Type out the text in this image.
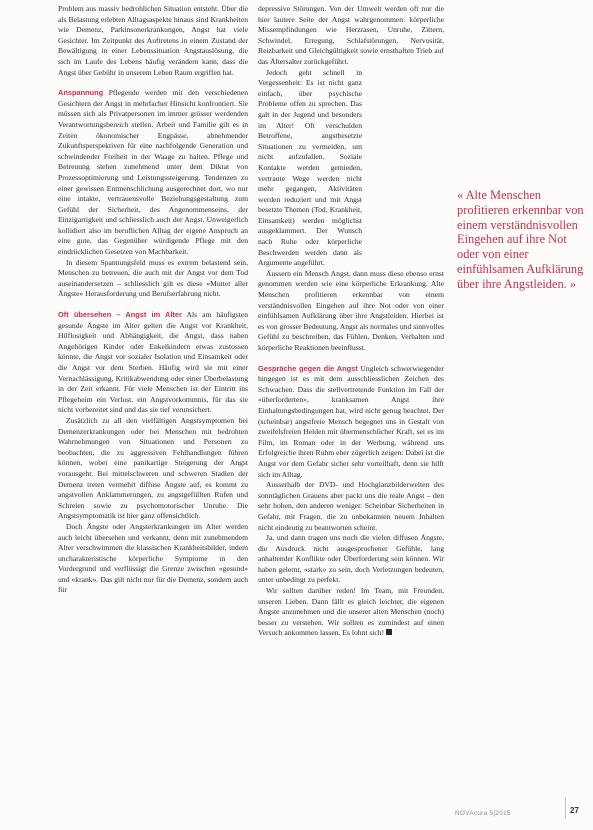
Problem aus massiv bedrohlichen Situation entsteht. Über die als Belastung erlebten Alltagsaspekte hinaus sind Krankheiten wie Demenz, Parkinsonerkrankungen, Angst hat viele Gesichter. Im Zeitpunkt des Auftretens in einem Zustand der Bewältigung in einer Lebenssituation Angstauslösung, die sich im Laufe des Lebens häufig verändern kann, dass die Angst über Gebühr in unserem Leben Raum ergriffen hat.

Anspannung Pflegende werden mit den verschiedenen Gesichtern der Angst in mehrfacher Hinsicht konfrontiert. Sie müssen sich als Privatpersonen im immer grösser werdenden Verantwortungsbereich stellen. Arbeit und Familie gilt es in Zeiten ökonomischer Engpässe, abnehmender Zukunftsperspektiven für eine nachfolgende Generation und schwindender Freiheit in der Waage zu halten. Pflege und Betreuung stehen zunehmend unter dem Diktat von Prozessoptimierung und Leistungssteigerung. Tendenzen zu einer gewissen Entmenschlichung ausgerechnet dort, wo nur eine intakte, vertrauensvolle Beziehungsgestaltung zum Gefühl der Sicherheit, des Angenommenseins, der Einzigartigkeit und schliesslich auch der Angst. Unweigerlich kollidiert also im beruflichen Alltag der eigene Anspruch an eine gute, das Gegenüber würdigende Pflege mit den eindrücklichen Gesetzen von Machbarkeit.

In diesem Spannungsfeld muss es extrem belastend sein, Menschen zu betreuen, die auch mit der Angst vor dem Tod auseinandersetzen – schliesslich gilt es diese «Mutter aller Ängste» Herausforderung und Berufserfahrung nicht.

Oft übersehen – Angst im Alter Als am häufigsten gesunde Ängste im Alter gelten die Angst vor Krankheit, Hilflosigkeit und Abhängigkeit, die Angst, dass nahen Angehörigen Kinder oder Enkelkindern etwas zustossen könnte, die Angst vor sozialer Isolation und Einsamkeit oder die Angst vor dem Sterben. Häufig wird sie mit einer Vernachlässigung, Kritikabwendung oder einer Überbelastung in der Zeit erkannt. Für viele Menschen ist der Eintritt ins Pflegeheim ein Verlust, ein Angstvorkommnis, für das sie nicht vorbereitet sind und das sie tief verunsichert.

Zusätzlich zu all den vielfältigen Angstsymptomen bei Demenzerkrankungen oder bei Menschen mit bedrohten Wahrnehmungen von Situationen und Personen zu beobachten, die zu aggressiven Fehlhandlungen führen können, wobei eine panikartige Steigerung der Angst vorausgeht. Bei mittelschweren und schweren Stadien der Demenz treten vermehrt diffuse Ängste auf, es kommt zu angstvollen Anklammerungen, zu angstgefüllten Rufen und Schreien sowie zu psychomotorischer Unruhe. Die Angstsymptomatik ist hier ganz offensichtlich.

Doch Ängste oder Angsterkrankungen im Alter werden auch leicht übersehen und verkannt, denn mit zunehmendem Alter verschwimmen die klassischen Krankheitsbilder, indem uncharakteristische körperliche Symptome in den Vordergrund und verflüssigt die Grenze zwischen «gesund» und «krank». Das gilt nicht nur für die Demenz, sondern auch für

depressive Störungen. Von der Umwelt werden oft nur die hier lautere Seite der Angst wahrgenommen: körperliche Missempfindungen wie Herzrasen, Unruhe, Zittern, Schwindel, Erregung, Schlafstörungen, Nervosität, Reizbarkeit und Gleichgültigkeit sowie ernsthaften Trieb auf das Ältersalter zurückgeführt.

Jedoch geht schnell in Vergessenheit: Es ist nicht ganz einfach, über psychische Probleme offen zu sprechen. Das galt in der Jugend und besonders im Alter! Oft verschulden Betroffene, angstbesetzte Situationen zu vermeiden, um nicht aufzufallen. Soziale Kontakte werden gemieden, vertraute Wege werden nicht mehr gegangen, Aktivitäten werden reduziert und mit Angst besetzte Themen (Tod, Krankheit, Einsamkeit) werden möglichst ausgeklammert. Der Wunsch nach Ruhe oder körperliche Beschwerden werden dann als Argumente angeführt.

Äussern ein Mensch Angst, dann muss diese ebenso ernst genommen werden wie eine körperliche Erkrankung. Alte Menschen profitieren erkennbar von einem verständnisvollen Eingehen auf ihre Not oder von einer einfühlsamen Aufklärung über ihre Angstleiden. Hierbei ist es von grosser Bedeutung, Angst als normales und sinnvolles Gefühl zu beschreiben, das Fühlen, Denken, Verhalten und körperliche Reaktionen beeinflusst.

Gespräche gegen die Angst Ungleich schwerwiegender hingegen ist es mit dem ausschliesslichen Zeichen des Schwachen. Dass die stellvertretende Funktion im Fall der «überforderten», kranksamen Angst ihre Einhaltungsbedingungen hat, wird nicht genug beachtet. Der (scheinbar) angstfreie Mensch begegnet uns in Gestalt von zweifelsfreien Helden mit übermenschlicher Kraft, sei es im Film, im Roman oder in der Werbung, während uns Erfolgreiche ihren Ruhm eher zögerlich zeigen: Dabei ist die Angst vor dem Gefahr sicher sehr vorteilhaft, denn sie hilft sich im Alltag.

Ausserhalb der DVD- und Hochglanzbilderwelten des sonntäglichen Grauens aber packt uns die reale Angst – den sehr hohen, den anderen weniger. Scheinbar Sicherheiten in Gefahr, mit Fragen, die zu unbekannten neuem Inhalten nicht eindeutig zu beantworten scheint.

Ja, und dann tragen uns noch die vielen diffusen Ängste, die Ausdruck nicht ausgesprochener Gefühle, lang anhaltender Konflikte oder Überforderung sein können. Wir haben gelernt, «stark» zu sein, doch Verletzungen bedeuten, unter unbedingt zu perfekt.

Wir sollten darüber reden! Im Team, mit Freunden, unseren Lieben. Dann fällt es gleich leichter, die eigenen Ängste anzunehmen und die unserer alten Menschen (noch) besser zu verstehen. Wir sollten es zumindest auf einen Versuch ankommen lassen. Es lohnt sich!

« Alte Menschen profitieren erkennbar von einem verständnisvollen Eingehen auf ihre Not oder von einer einfühlsamen Aufklärung über ihre Angstleiden. »
NOVAcura 5|2015	27
